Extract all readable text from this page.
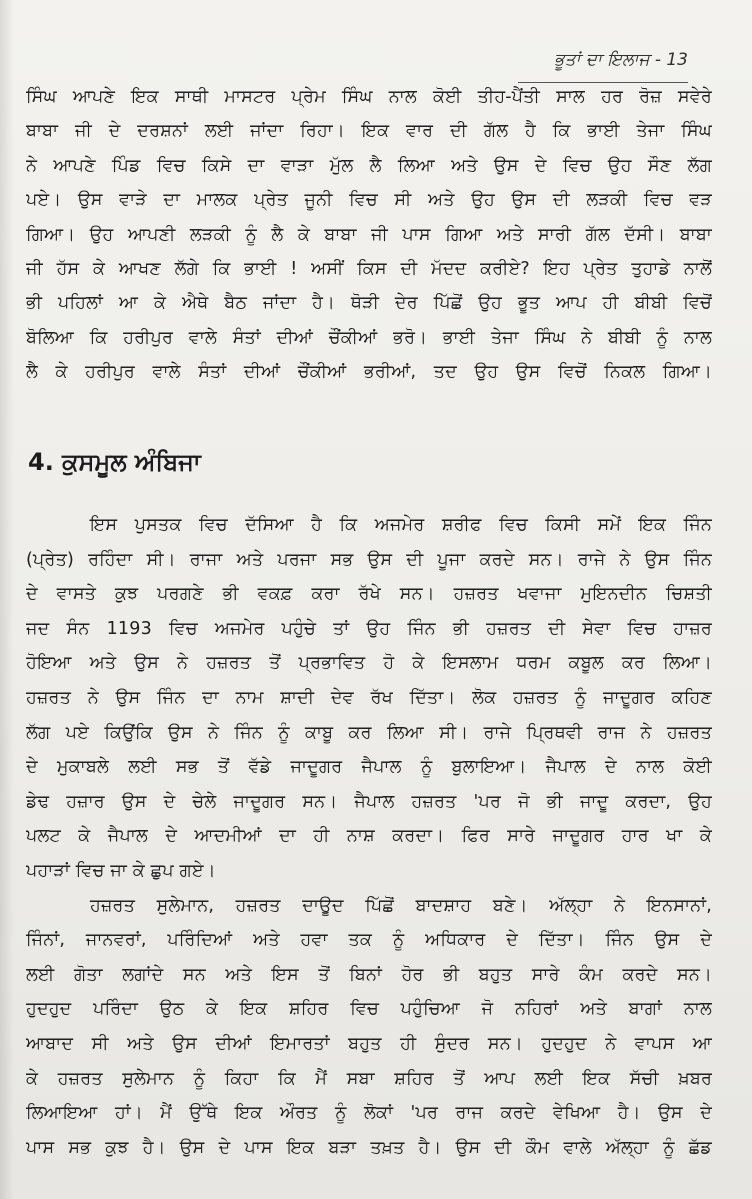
ਭੂਤਾਂ ਦਾ ਇਲਾਜ - 13
ਸਿੰਘ ਆਪਣੇ ਇਕ ਸਾਥੀ ਮਾਸਟਰ ਪ੍ਰੇਮ ਸਿੰਘ ਨਾਲ ਕੋਈ ਤੀਹ-ਪੈਂਤੀ ਸਾਲ ਹਰ ਰੋਜ਼ ਸਵੇਰੇ
ਬਾਬਾ ਜੀ ਦੇ ਦਰਸ਼ਨਾਂ ਲਈ ਜਾਂਦਾ ਰਿਹਾ। ਇਕ ਵਾਰ ਦੀ ਗੱਲ ਹੈ ਕਿ ਭਾਈ ਤੇਜਾ ਸਿੰਘ
ਨੇ ਆਪਣੇ ਪਿੰਡ ਵਿਚ ਕਿਸੇ ਦਾ ਵਾੜਾ ਮੁੱਲ ਲੈ ਲਿਆ ਅਤੇ ਉਸ ਦੇ ਵਿਚ ਉਹ ਸੌਣ ਲੱਗ
ਪਏ। ਉਸ ਵਾੜੇ ਦਾ ਮਾਲਕ ਪ੍ਰੇਤ ਜੂਨੀ ਵਿਚ ਸੀ ਅਤੇ ਉਹ ਉਸ ਦੀ ਲੜਕੀ ਵਿਚ ਵੜ
ਗਿਆ। ਉਹ ਆਪਣੀ ਲੜਕੀ ਨੂੰ ਲੈ ਕੇ ਬਾਬਾ ਜੀ ਪਾਸ ਗਿਆ ਅਤੇ ਸਾਰੀ ਗੱਲ ਦੱਸੀ। ਬਾਬਾ
ਜੀ ਹੱਸ ਕੇ ਆਖਣ ਲੱਗੇ ਕਿ ਭਾਈ ! ਅਸੀਂ ਕਿਸ ਦੀ ਮੱਦਦ ਕਰੀਏ? ਇਹ ਪ੍ਰੇਤ ਤੁਹਾਡੇ ਨਾਲੋਂ
ਭੀ ਪਹਿਲਾਂ ਆ ਕੇ ਐਥੇ ਬੈਠ ਜਾਂਦਾ ਹੈ। ਥੋੜੀ ਦੇਰ ਪਿੱਛੋਂ ਉਹ ਭੂਤ ਆਪ ਹੀ ਬੀਬੀ ਵਿਚੋਂ
ਬੋਲਿਆ ਕਿ ਹਰੀਪੁਰ ਵਾਲੇ ਸੰਤਾਂ ਦੀਆਂ ਚੌਂਕੀਆਂ ਭਰੋ। ਭਾਈ ਤੇਜਾ ਸਿੰਘ ਨੇ ਬੀਬੀ ਨੂੰ ਨਾਲ
ਲੈ ਕੇ ਹਰੀਪੁਰ ਵਾਲੇ ਸੰਤਾਂ ਦੀਆਂ ਚੌਂਕੀਆਂ ਭਰੀਆਂ, ਤਦ ਉਹ ਉਸ ਵਿਚੋਂ ਨਿਕਲ ਗਿਆ।
4. ਕੁਸਮੂਲ ਅੰਬਿਜਾ
ਇਸ ਪੁਸਤਕ ਵਿਚ ਦੱਸਿਆ ਹੈ ਕਿ ਅਜਮੇਰ ਸ਼ਰੀਫ ਵਿਚ ਕਿਸੀ ਸਮੇਂ ਇਕ ਜਿੰਨ
(ਪ੍ਰੇਤ) ਰਹਿੰਦਾ ਸੀ। ਰਾਜਾ ਅਤੇ ਪਰਜਾ ਸਭ ਉਸ ਦੀ ਪੂਜਾ ਕਰਦੇ ਸਨ। ਰਾਜੇ ਨੇ ਉਸ ਜਿੰਨ
ਦੇ ਵਾਸਤੇ ਕੁਝ ਪਰਗਣੇ ਭੀ ਵਕਫ਼ ਕਰਾ ਰੱਖੇ ਸਨ। ਹਜ਼ਰਤ ਖਵਾਜਾ ਮੁਇਨਦੀਨ ਚਿਸ਼ਤੀ
ਜਦ ਸੰਨ 1193 ਵਿਚ ਅਜਮੇਰ ਪਹੁੰਚੇ ਤਾਂ ਉਹ ਜਿੰਨ ਭੀ ਹਜ਼ਰਤ ਦੀ ਸੇਵਾ ਵਿਚ ਹਾਜ਼ਰ
ਹੋਇਆ ਅਤੇ ਉਸ ਨੇ ਹਜ਼ਰਤ ਤੋਂ ਪ੍ਰਭਾਵਿਤ ਹੋ ਕੇ ਇਸਲਾਮ ਧਰਮ ਕਬੂਲ ਕਰ ਲਿਆ।
ਹਜ਼ਰਤ ਨੇ ਉਸ ਜਿੰਨ ਦਾ ਨਾਮ ਸ਼ਾਦੀ ਦੇਵ ਰੱਖ ਦਿੱਤਾ। ਲੋਕ ਹਜ਼ਰਤ ਨੂੰ ਜਾਦੂਗਰ ਕਹਿਣ
ਲੱਗ ਪਏ ਕਿਉਂਕਿ ਉਸ ਨੇ ਜਿੰਨ ਨੂੰ ਕਾਬੂ ਕਰ ਲਿਆ ਸੀ। ਰਾਜੇ ਪ੍ਰਿਥਵੀ ਰਾਜ ਨੇ ਹਜ਼ਰਤ
ਦੇ ਮੁਕਾਬਲੇ ਲਈ ਸਭ ਤੋਂ ਵੱਡੇ ਜਾਦੂਗਰ ਜੈਪਾਲ ਨੂੰ ਬੁਲਾਇਆ। ਜੈਪਾਲ ਦੇ ਨਾਲ ਕੋਈ
ਡੇਢ ਹਜ਼ਾਰ ਉਸ ਦੇ ਚੇਲੇ ਜਾਦੂਗਰ ਸਨ। ਜੈਪਾਲ ਹਜ਼ਰਤ 'ਪਰ ਜੋ ਭੀ ਜਾਦੂ ਕਰਦਾ, ਉਹ
ਪਲਟ ਕੇ ਜੈਪਾਲ ਦੇ ਆਦਮੀਆਂ ਦਾ ਹੀ ਨਾਸ਼ ਕਰਦਾ। ਫਿਰ ਸਾਰੇ ਜਾਦੂਗਰ ਹਾਰ ਖਾ ਕੇ
ਪਹਾੜਾਂ ਵਿਚ ਜਾ ਕੇ ਛੁਪ ਗਏ।
ਹਜ਼ਰਤ ਸੁਲੇਮਾਨ, ਹਜ਼ਰਤ ਦਾਊਦ ਪਿੱਛੋਂ ਬਾਦਸ਼ਾਹ ਬਣੇ। ਅੱਲ੍ਹਾ ਨੇ ਇਨਸਾਨਾਂ,
ਜਿੰਨਾਂ, ਜਾਨਵਰਾਂ, ਪਰਿੰਦਿਆਂ ਅਤੇ ਹਵਾ ਤਕ ਨੂੰ ਅਧਿਕਾਰ ਦੇ ਦਿੱਤਾ। ਜਿੰਨ ਉਸ ਦੇ
ਲਈ ਗੋਤਾ ਲਗਾਂਦੇ ਸਨ ਅਤੇ ਇਸ ਤੋਂ ਬਿਨਾਂ ਹੋਰ ਭੀ ਬਹੁਤ ਸਾਰੇ ਕੰਮ ਕਰਦੇ ਸਨ।
ਹੁਦਹੁਦ ਪਰਿੰਦਾ ਉਠ ਕੇ ਇਕ ਸ਼ਹਿਰ ਵਿਚ ਪਹੁੰਚਿਆ ਜੋ ਨਹਿਰਾਂ ਅਤੇ ਬਾਗਾਂ ਨਾਲ
ਆਬਾਦ ਸੀ ਅਤੇ ਉਸ ਦੀਆਂ ਇਮਾਰਤਾਂ ਬਹੁਤ ਹੀ ਸੁੰਦਰ ਸਨ। ਹੁਦਹੁਦ ਨੇ ਵਾਪਸ ਆ
ਕੇ ਹਜ਼ਰਤ ਸੁਲੇਮਾਨ ਨੂੰ ਕਿਹਾ ਕਿ ਮੈਂ ਸਬਾ ਸ਼ਹਿਰ ਤੋਂ ਆਪ ਲਈ ਇਕ ਸੱਚੀ ਖ਼ਬਰ
ਲਿਆਇਆ ਹਾਂ। ਮੈਂ ਉੱਥੇ ਇਕ ਔਰਤ ਨੂੰ ਲੋਕਾਂ 'ਪਰ ਰਾਜ ਕਰਦੇ ਵੇਖਿਆ ਹੈ। ਉਸ ਦੇ
ਪਾਸ ਸਭ ਕੁਝ ਹੈ। ਉਸ ਦੇ ਪਾਸ ਇਕ ਬੜਾ ਤਖ਼ਤ ਹੈ। ਉਸ ਦੀ ਕੌਮ ਵਾਲੇ ਅੱਲ੍ਹਾ ਨੂੰ ਛੱਡ
